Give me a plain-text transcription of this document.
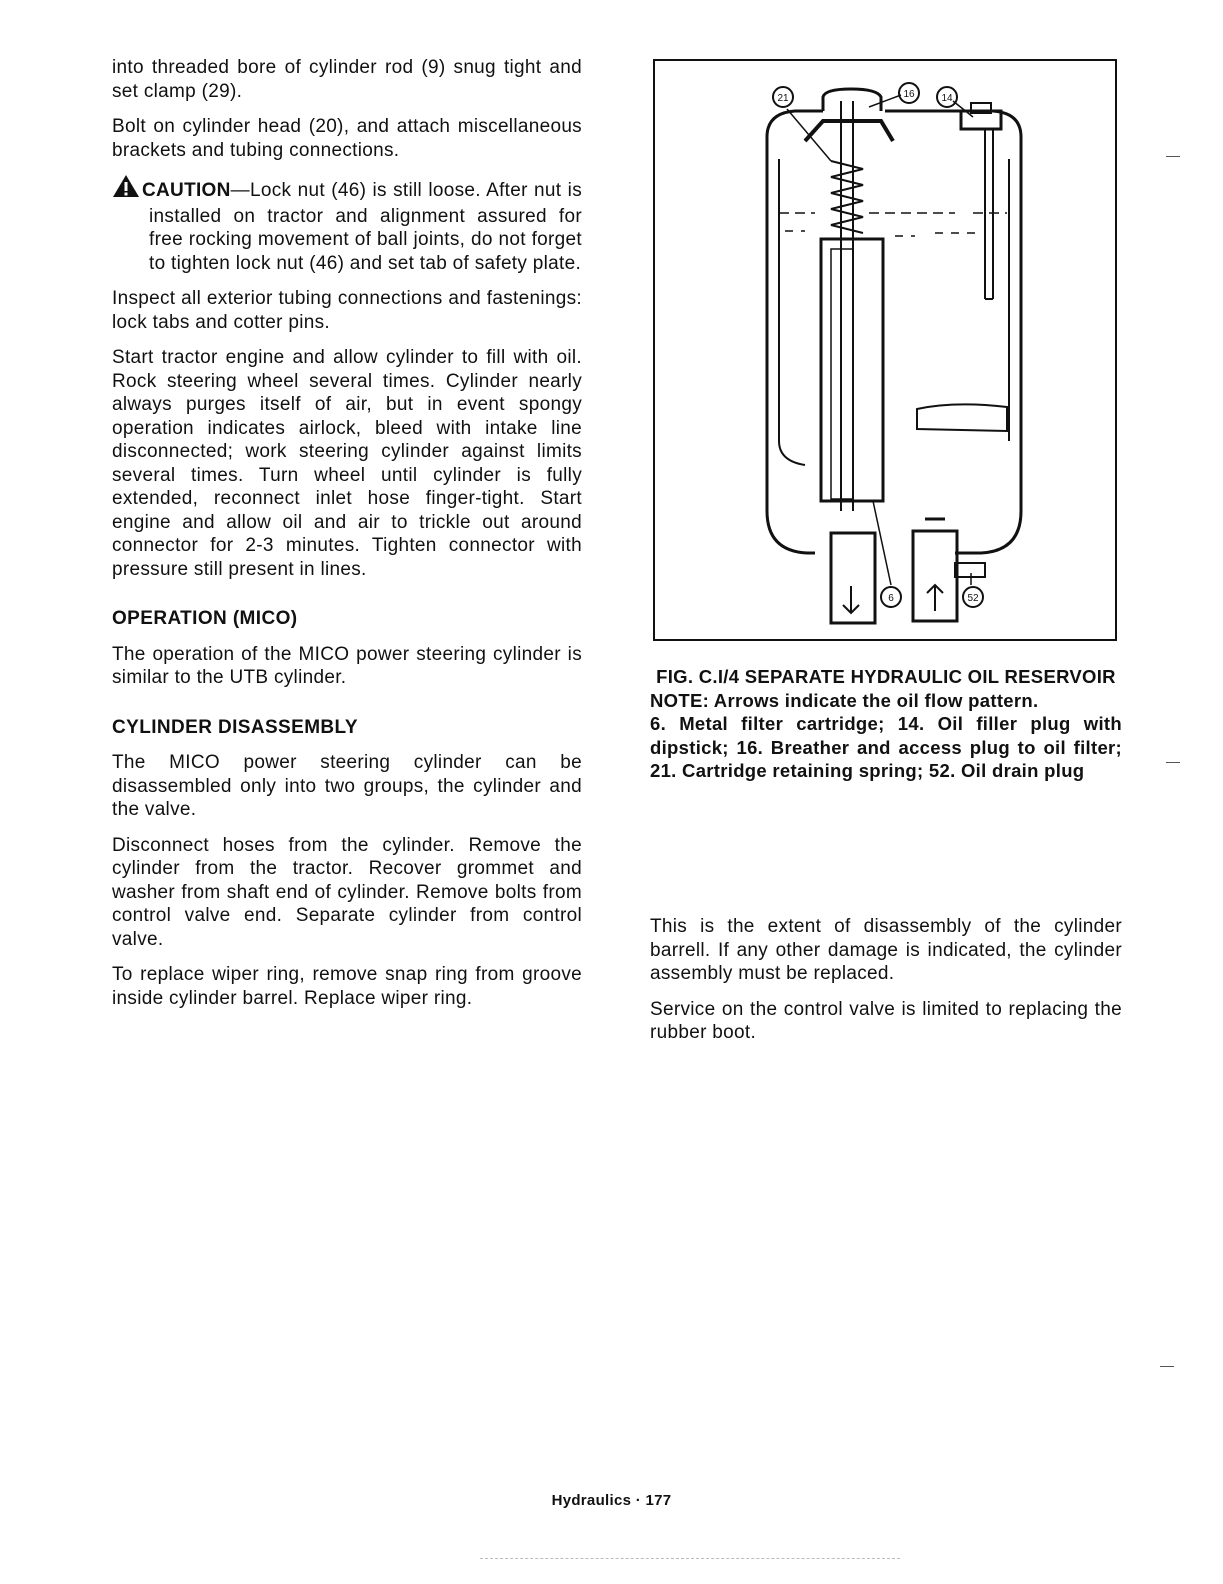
into threaded bore of cylinder rod (9) snug tight and set clamp (29).

Bolt on cylinder head (20), and attach miscellaneous brackets and tubing connections.

CAUTION—Lock nut (46) is still loose. After nut is installed on tractor and alignment assured for free rocking movement of ball joints, do not forget to tighten lock nut (46) and set tab of safety plate.

Inspect all exterior tubing connections and fastenings: lock tabs and cotter pins.

Start tractor engine and allow cylinder to fill with oil. Rock steering wheel several times. Cylinder nearly always purges itself of air, but in event spongy operation indicates airlock, bleed with intake line disconnected; work steering cylinder against limits several times. Turn wheel until cylinder is fully extended, reconnect inlet hose finger-tight. Start engine and allow oil and air to trickle out around connector for 2-3 minutes. Tighten connector with pressure still present in lines.

OPERATION (MICO)

The operation of the MICO power steering cylinder is similar to the UTB cylinder.

CYLINDER DISASSEMBLY

The MICO power steering cylinder can be disassembled only into two groups, the cylinder and the valve.

Disconnect hoses from the cylinder. Remove the cylinder from the tractor. Recover grommet and washer from shaft end of cylinder. Remove bolts from control valve end. Separate cylinder from control valve.

To replace wiper ring, remove snap ring from groove inside cylinder barrel. Replace wiper ring.

21	16	14
6	52
FIG. C.I/4 SEPARATE HYDRAULIC OIL RESERVOIR

NOTE: Arrows indicate the oil flow pattern.

6. Metal filter cartridge; 14. Oil filler plug with dipstick; 16. Breather and access plug to oil filter; 21. Cartridge retaining spring; 52. Oil drain plug

This is the extent of disassembly of the cylinder barrell. If any other damage is indicated, the cylinder assembly must be replaced.

Service on the control valve is limited to replacing the rubber boot.

Hydraulics · 177
